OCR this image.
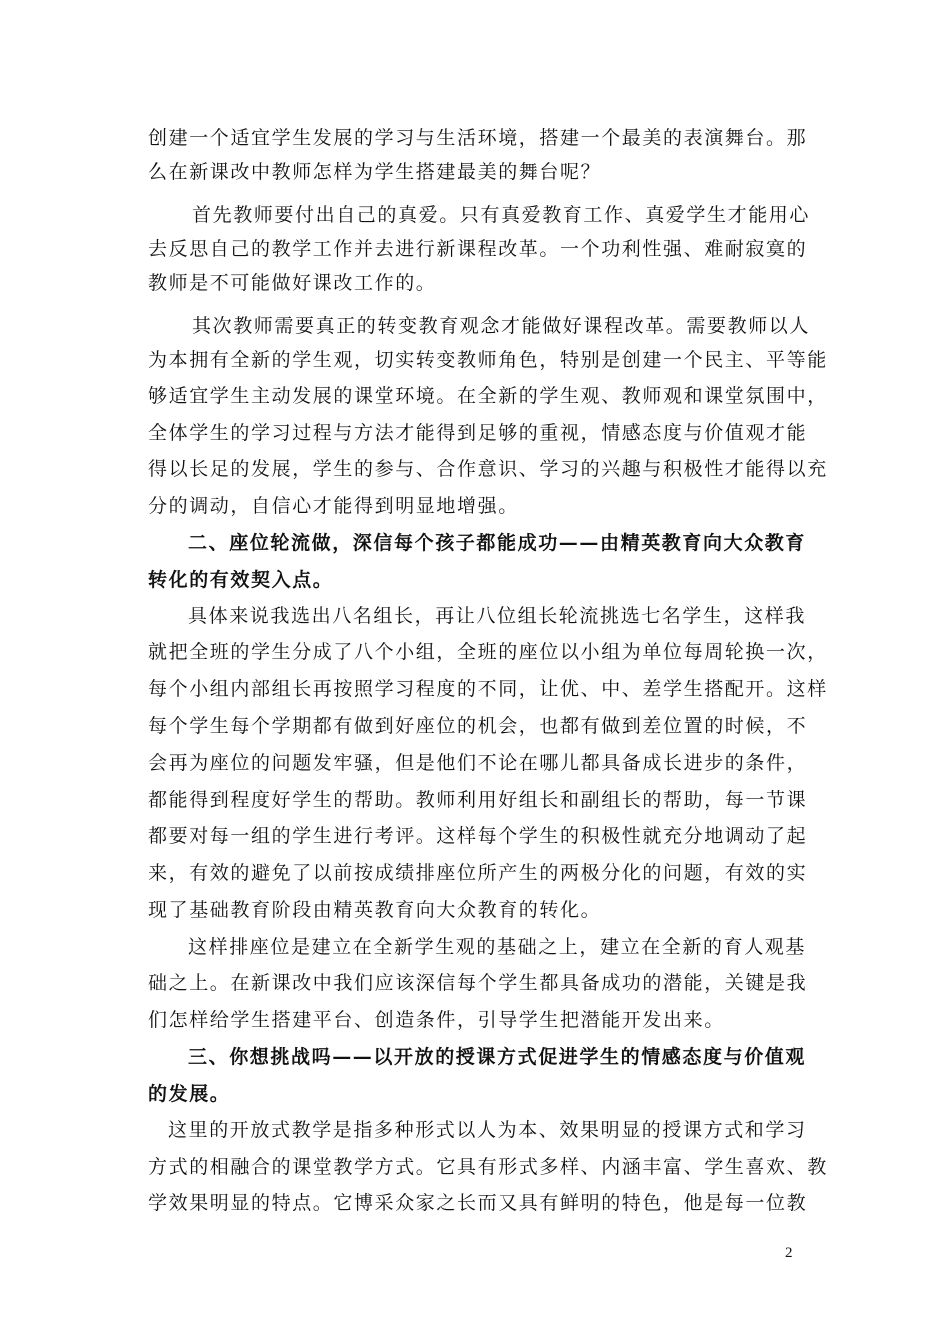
创建一个适宜学生发展的学习与生活环境，搭建一个最美的表演舞台。那
么在新课改中教师怎样为学生搭建最美的舞台呢？
首先教师要付出自己的真爱。只有真爱教育工作、真爱学生才能用心
去反思自己的教学工作并去进行新课程改革。一个功利性强、难耐寂寞的
教师是不可能做好课改工作的。
其次教师需要真正的转变教育观念才能做好课程改革。需要教师以人
为本拥有全新的学生观，切实转变教师角色，特别是创建一个民主、平等能
够适宜学生主动发展的课堂环境。在全新的学生观、教师观和课堂氛围中，
全体学生的学习过程与方法才能得到足够的重视，情感态度与价值观才能
得以长足的发展，学生的参与、合作意识、学习的兴趣与积极性才能得以充
分的调动，自信心才能得到明显地增强。
二、座位轮流做，深信每个孩子都能成功——由精英教育向大众教育
转化的有效契入点。
具体来说我选出八名组长，再让八位组长轮流挑选七名学生，这样我
就把全班的学生分成了八个小组，全班的座位以小组为单位每周轮换一次，
每个小组内部组长再按照学习程度的不同，让优、中、差学生搭配开。这样
每个学生每个学期都有做到好座位的机会，也都有做到差位置的时候，不
会再为座位的问题发牢骚，但是他们不论在哪儿都具备成长进步的条件，
都能得到程度好学生的帮助。教师利用好组长和副组长的帮助，每一节课
都要对每一组的学生进行考评。这样每个学生的积极性就充分地调动了起
来，有效的避免了以前按成绩排座位所产生的两极分化的问题，有效的实
现了基础教育阶段由精英教育向大众教育的转化。
这样排座位是建立在全新学生观的基础之上，建立在全新的育人观基
础之上。在新课改中我们应该深信每个学生都具备成功的潜能，关键是我
们怎样给学生搭建平台、创造条件，引导学生把潜能开发出来。
三、你想挑战吗——以开放的授课方式促进学生的情感态度与价值观
的发展。
这里的开放式教学是指多种形式以人为本、效果明显的授课方式和学习
方式的相融合的课堂教学方式。它具有形式多样、内涵丰富、学生喜欢、教
学效果明显的特点。它博采众家之长而又具有鲜明的特色，他是每一位教
2
